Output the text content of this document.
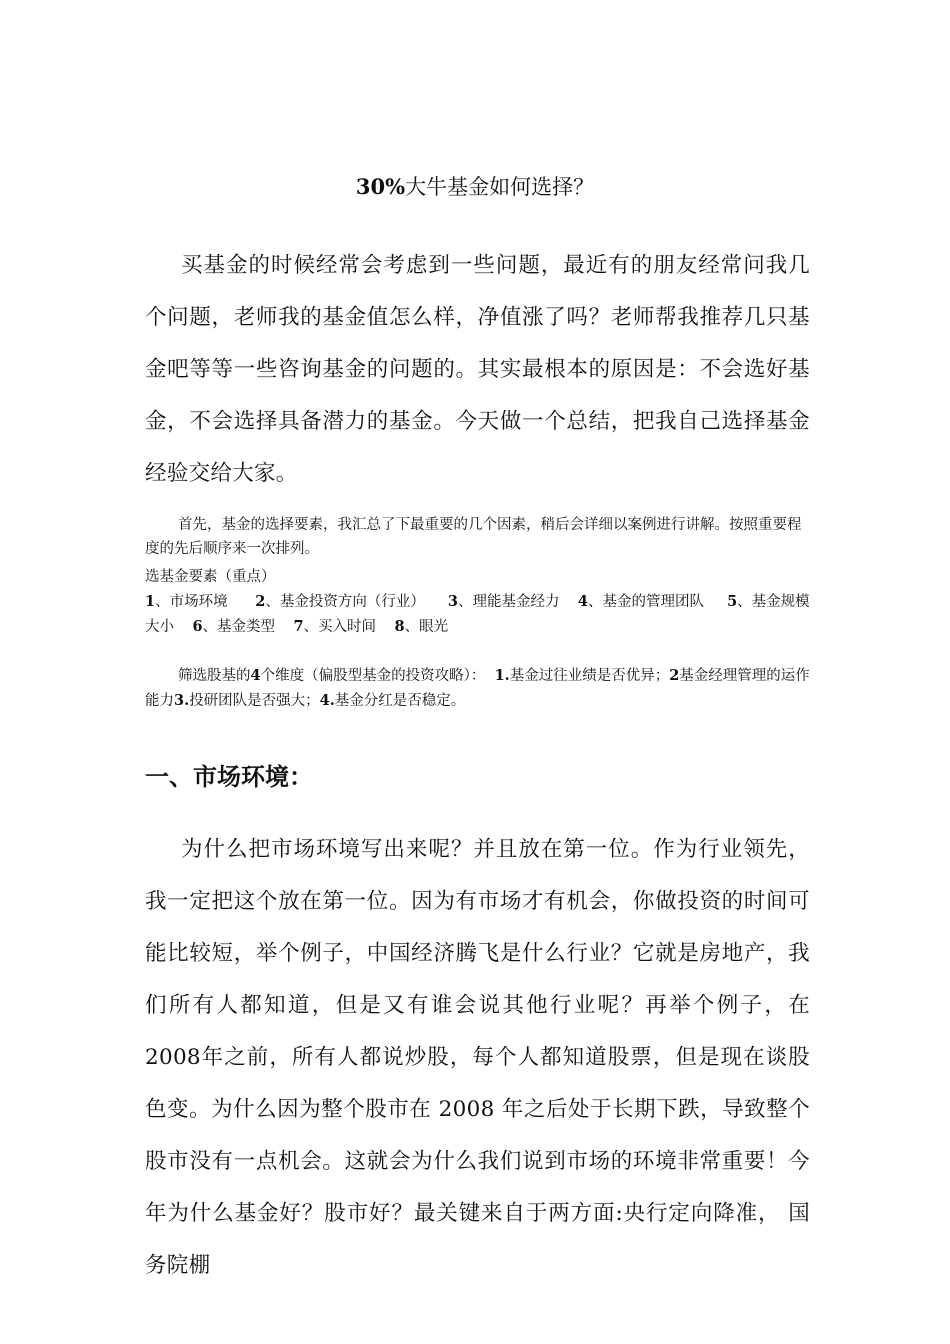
30%大牛基金如何选择？

买基金的时候经常会考虑到一些问题，最近有的朋友经常问我几个问题，老师我的基金值怎么样，净值涨了吗？老师帮我推荐几只基金吧等等一些咨询基金的问题的。其实最根本的原因是：不会选好基金，不会选择具备潜力的基金。今天做一个总结，把我自己选择基金经验交给大家。

首先，基金的选择要素，我汇总了下最重要的几个因素，稍后会详细以案例进行讲解。按照重要程度的先后顺序来一次排列。

选基金要素（重点）

1、市场环境 2、基金投资方向（行业） 3、理能基金经力 4、基金的管理团队 5、基金规模大小 6、基金类型 7、买入时间 8、眼光

筛选股基的4个维度（偏股型基金的投资攻略）： 1.基金过往业绩是否优异；2基金经理管理的运作能力3.投研团队是否强大；4.基金分红是否稳定。

一、市场环境：

为什么把市场环境写出来呢？并且放在第一位。作为行业领先，我一定把这个放在第一位。因为有市场才有机会，你做投资的时间可能比较短，举个例子，中国经济腾飞是什么行业？它就是房地产，我们所有人都知道，但是又有谁会说其他行业呢？再举个例子，在2008年之前，所有人都说炒股，每个人都知道股票，但是现在谈股色变。为什么因为整个股市在 2008 年之后处于长期下跌，导致整个股市没有一点机会。这就会为什么我们说到市场的环境非常重要！今年为什么基金好？股市好？最关键来自于两方面:央行定向降准， 国务院棚
